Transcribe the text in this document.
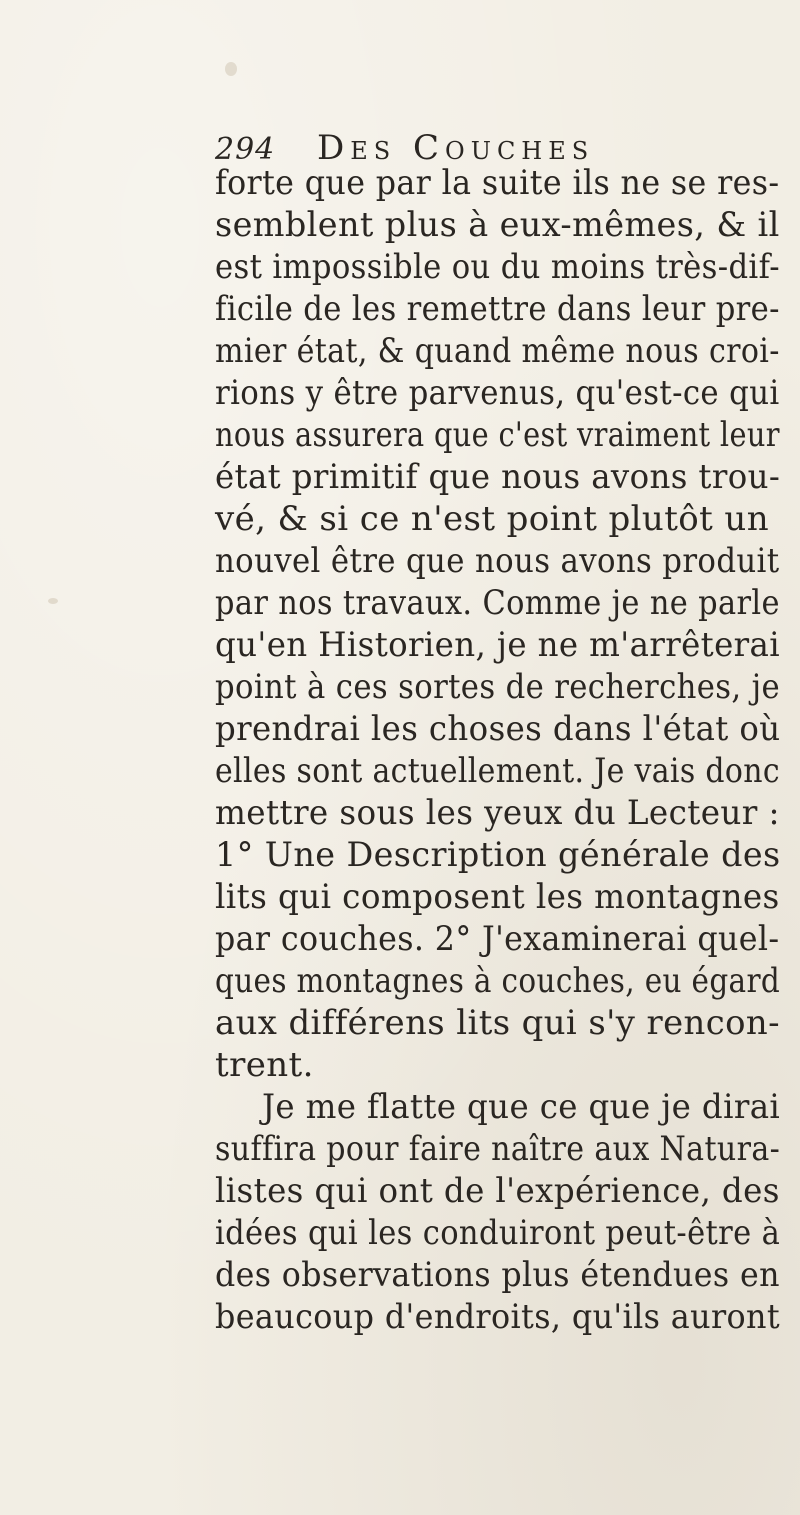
294 Des Couches
forte que par la suite ils ne se res-
semblent plus à eux-mêmes, & il
est impossible ou du moins très-dif-
ficile de les remettre dans leur pre-
mier état, & quand même nous croi-
rions y être parvenus, qu'est-ce qui
nous assurera que c'est vraiment leur
état primitif que nous avons trou-
vé, & si ce n'est point plutôt un
nouvel être que nous avons produit
par nos travaux. Comme je ne parle
qu'en Historien, je ne m'arrêterai
point à ces sortes de recherches, je
prendrai les choses dans l'état où
elles sont actuellement. Je vais donc
mettre sous les yeux du Lecteur :
1° Une Description générale des
lits qui composent les montagnes
par couches. 2° J'examinerai quel-
ques montagnes à couches, eu égard
aux différens lits qui s'y rencon-
trent.
Je me flatte que ce que je dirai
suffira pour faire naître aux Natura-
listes qui ont de l'expérience, des
idées qui les conduiront peut-être à
des observations plus étendues en
beaucoup d'endroits, qu'ils auront
